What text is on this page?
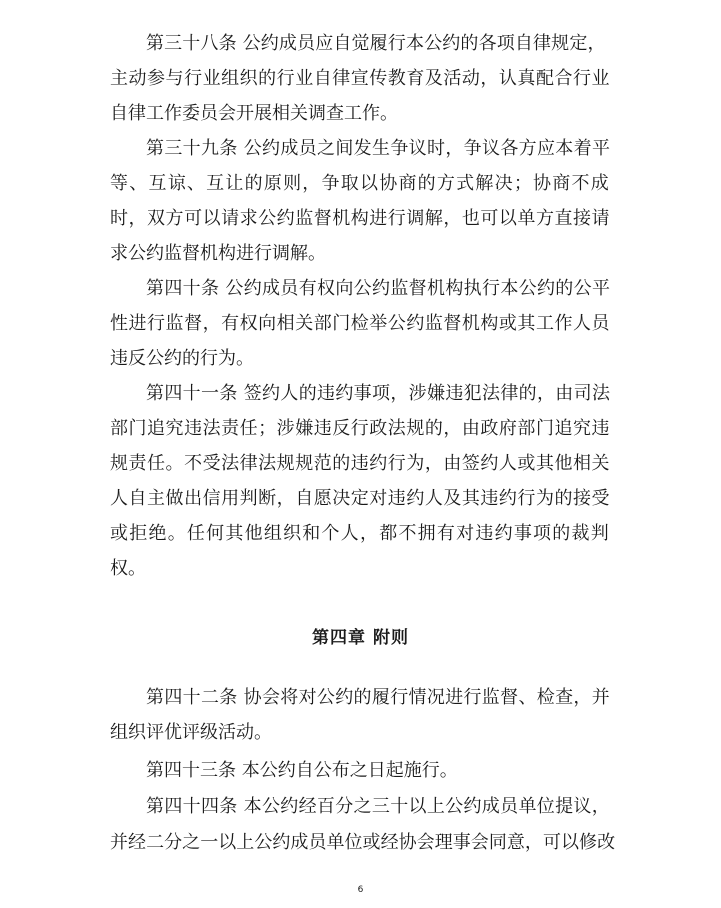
第三十八条 公约成员应自觉履行本公约的各项自律规定，
主动参与行业组织的行业自律宣传教育及活动，认真配合行业
自律工作委员会开展相关调查工作。
第三十九条 公约成员之间发生争议时，争议各方应本着平
等、互谅、互让的原则，争取以协商的方式解决；协商不成
时，双方可以请求公约监督机构进行调解，也可以单方直接请
求公约监督机构进行调解。
第四十条 公约成员有权向公约监督机构执行本公约的公平
性进行监督，有权向相关部门检举公约监督机构或其工作人员
违反公约的行为。
第四十一条 签约人的违约事项，涉嫌违犯法律的，由司法
部门追究违法责任；涉嫌违反行政法规的，由政府部门追究违
规责任。不受法律法规规范的违约行为，由签约人或其他相关
人自主做出信用判断，自愿决定对违约人及其违约行为的接受
或拒绝。任何其他组织和个人，都不拥有对违约事项的裁判
权。
第四章 附则
第四十二条 协会将对公约的履行情况进行监督、检查，并
组织评优评级活动。
第四十三条 本公约自公布之日起施行。
第四十四条 本公约经百分之三十以上公约成员单位提议，
并经二分之一以上公约成员单位或经协会理事会同意，可以修改
6
